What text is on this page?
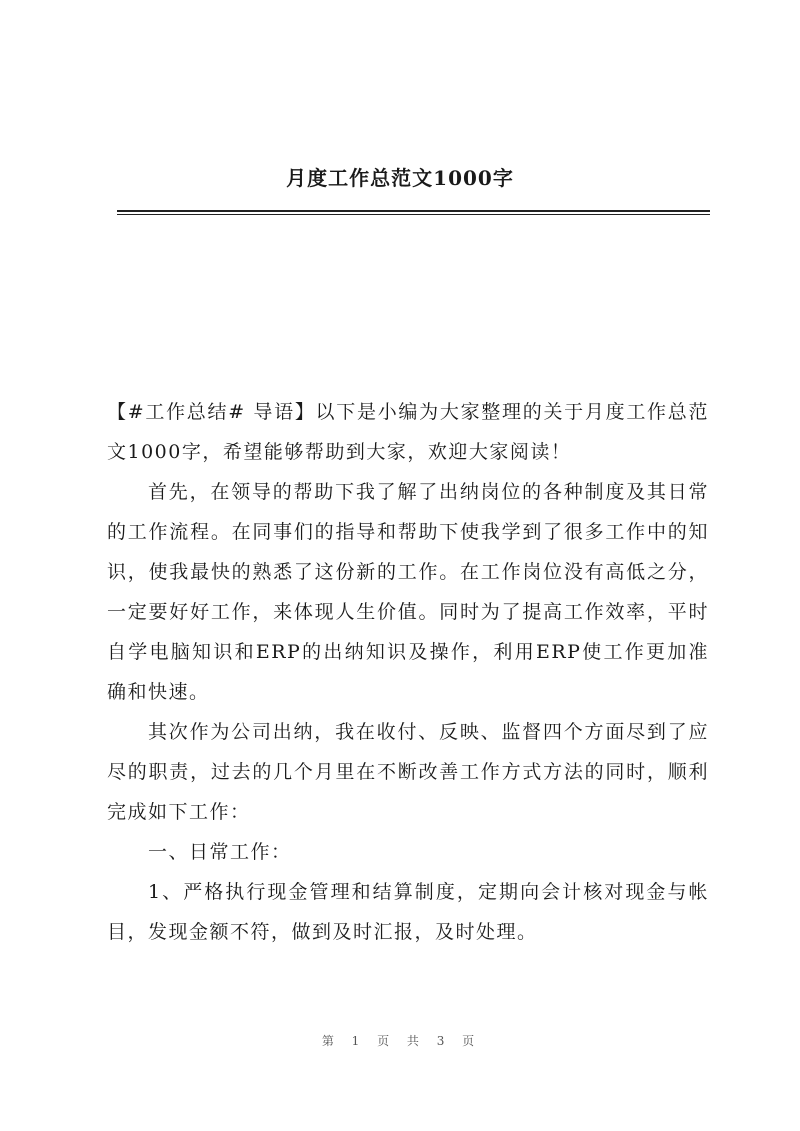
月度工作总范文1000字

【#工作总结# 导语】以下是小编为大家整理的关于月度工作总范文1000字，希望能够帮助到大家，欢迎大家阅读！

首先，在领导的帮助下我了解了出纳岗位的各种制度及其日常的工作流程。在同事们的指导和帮助下使我学到了很多工作中的知识，使我最快的熟悉了这份新的工作。在工作岗位没有高低之分，一定要好好工作，来体现人生价值。同时为了提高工作效率，平时自学电脑知识和ERP的出纳知识及操作，利用ERP使工作更加准确和快速。

其次作为公司出纳，我在收付、反映、监督四个方面尽到了应尽的职责，过去的几个月里在不断改善工作方式方法的同时，顺利完成如下工作：

一、日常工作：

1、严格执行现金管理和结算制度，定期向会计核对现金与帐目，发现金额不符，做到及时汇报，及时处理。

第 1 页 共 3 页
